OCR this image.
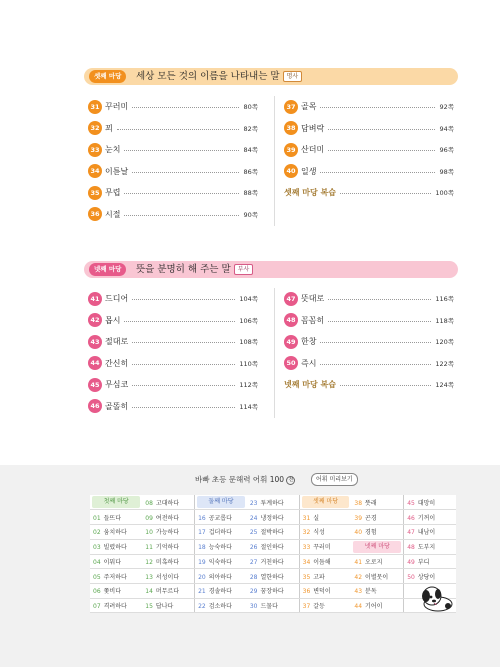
셋째 마당	세상 모든 것의 이름을 나타내는 말 명사
31 꾸러미	80쪽
32 꾀	82쪽
33 눈치	84쪽
34 이튿날	86쪽
35 무렵	88쪽
36 시절	90쪽
37 골목	92쪽
38 담벼락	94쪽
39 산더미	96쪽
40 일생	98쪽
셋째 마당 복습	100쪽
넷째 마당	뜻을 분명히 해 주는 말 부사
41 드디어	104쪽
42 몹시	106쪽
43 절대로	108쪽
44 간신히	110쪽
45 무심코	112쪽
46 골똘히	114쪽
47 뜻대로	116쪽
48 꼼꼼히	118쪽
49 한창	120쪽
50 즉시	122쪽
넷째 마당 복습	124쪽
바빠 초등 문해력 어휘 100 전	어휘 미리보기
첫째 마당	08 고대하다	둘째 마당	23 투계하다	셋째 마당	38 뜻래	45 대망히
01 들뜨다	09 여전하다	16 공교롭다	24 냉정하다	31 실	39 곤경	46 기꺼이
02 움치하다	10 가능하다	17 겁더하다	25 절박하다	32 식성	40 경험	47 내남이
03 빌렸하다	11 기억하다	18 능숙하다	26 절인하다	33 꾸러미	넷째 마당	48 도부지
04 이뭐다	12 미혹하다	19 익숙하다	27 거친하다	34 이듬해	41 오로지	49 부디
05 주저하다	13 서성이다	20 의아하다	28 열한하다	35 고파	42 이별뭇이	50 상당이
06 쫓비다	14 머무르다	21 경솔하다	29 꿈장하다	36 변덕이	43 분독	
07 격려하다	15 답나다	22 검소하다	30 드물다	37 갈등	44 기어이	
